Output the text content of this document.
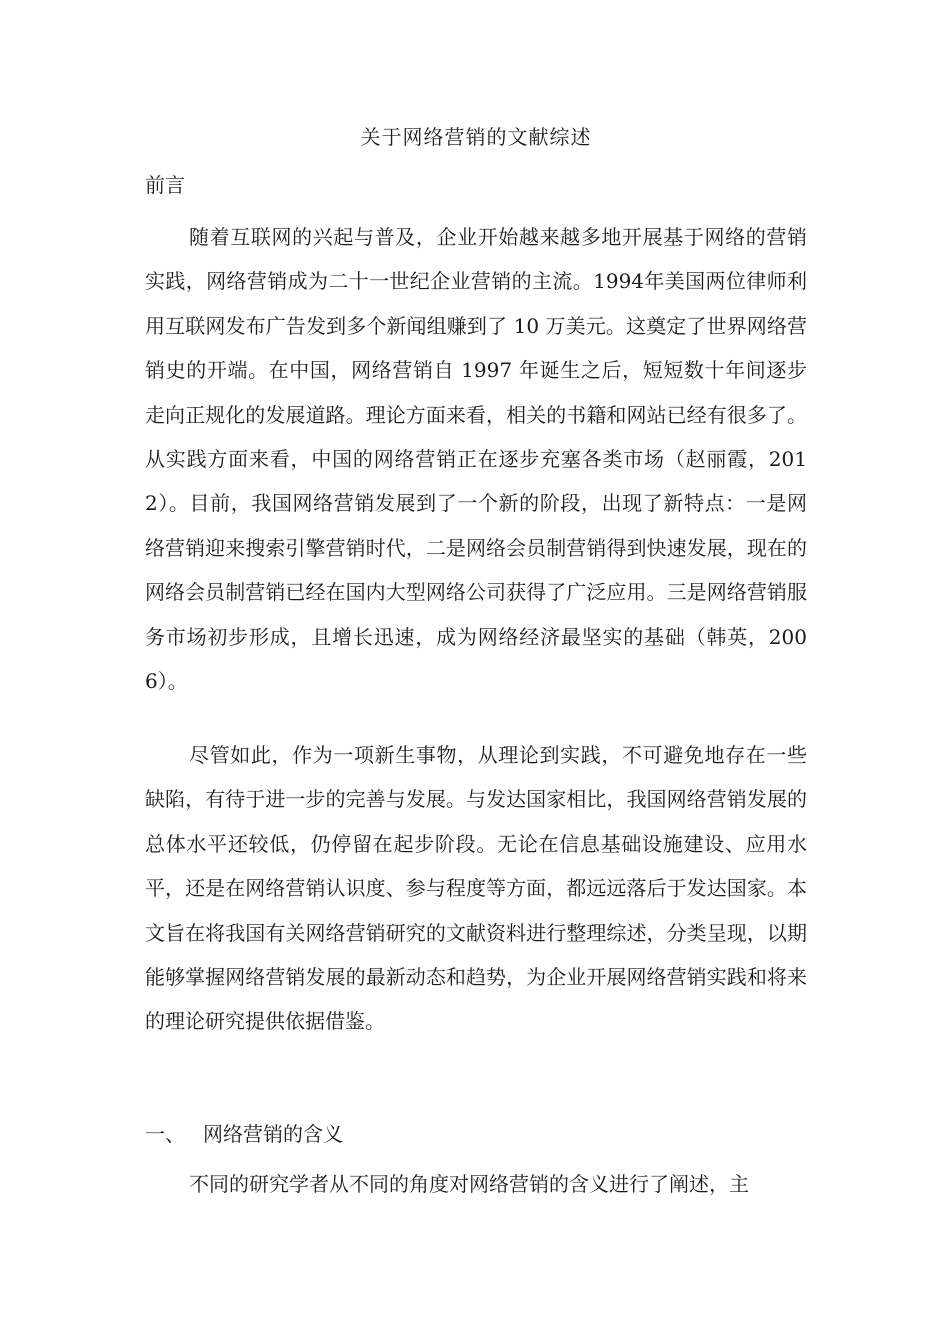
关于网络营销的文献综述
前言

随着互联网的兴起与普及，企业开始越来越多地开展基于网络的营销实践，网络营销成为二十一世纪企业营销的主流。1994年美国两位律师利用互联网发布广告发到多个新闻组赚到了 10 万美元。这奠定了世界网络营销史的开端。在中国，网络营销自 1997 年诞生之后，短短数十年间逐步走向正规化的发展道路。理论方面来看，相关的书籍和网站已经有很多了。从实践方面来看，中国的网络营销正在逐步充塞各类市场（赵丽霞，2012）。目前，我国网络营销发展到了一个新的阶段，出现了新特点：一是网络营销迎来搜索引擎营销时代，二是网络会员制营销得到快速发展，现在的网络会员制营销已经在国内大型网络公司获得了广泛应用。三是网络营销服务市场初步形成，且增长迅速，成为网络经济最坚实的基础（韩英，2006）。

尽管如此，作为一项新生事物，从理论到实践，不可避免地存在一些缺陷，有待于进一步的完善与发展。与发达国家相比，我国网络营销发展的总体水平还较低，仍停留在起步阶段。无论在信息基础设施建设、应用水平，还是在网络营销认识度、参与程度等方面，都远远落后于发达国家。本文旨在将我国有关网络营销研究的文献资料进行整理综述，分类呈现，以期能够掌握网络营销发展的最新动态和趋势，为企业开展网络营销实践和将来的理论研究提供依据借鉴。

一、 网络营销的含义

不同的研究学者从不同的角度对网络营销的含义进行了阐述，主
